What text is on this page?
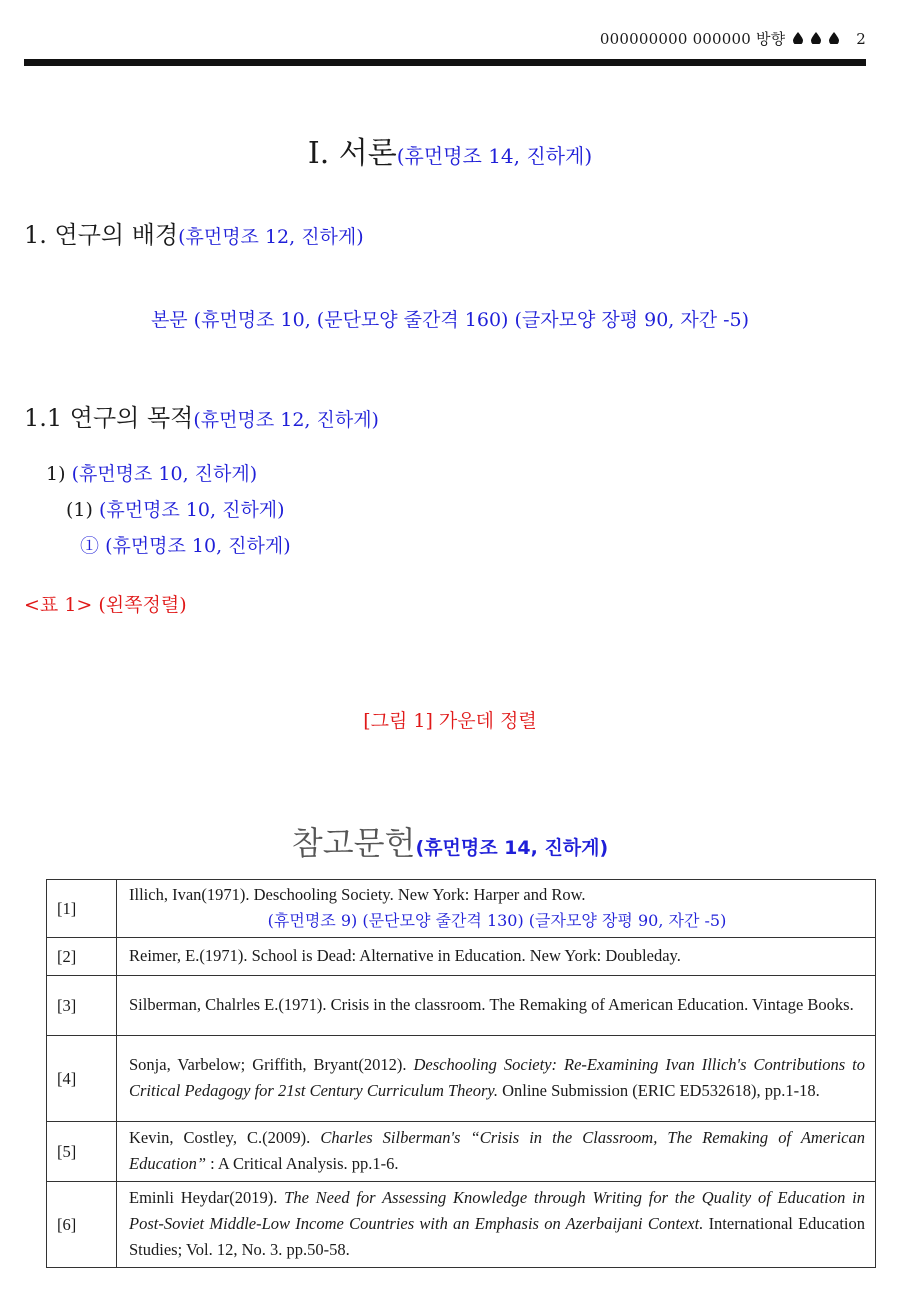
000000000 000000 방향	2
Ⅰ. 서론(휴먼명조 14, 진하게)
1. 연구의 배경(휴먼명조 12, 진하게)
본문 (휴먼명조 10, (문단모양 줄간격 160) (글자모양 장평 90, 자간 -5)
1.1 연구의 목적(휴먼명조 12, 진하게)
1) (휴먼명조 10, 진하게)
(1) (휴먼명조 10, 진하게)
① (휴먼명조 10, 진하게)
<표 1> (왼쪽정렬)
[그림 1] 가운데 정렬
참고문헌(휴먼명조 14, 진하게)
[1]	Illich, Ivan(1971). Deschooling Society. New York: Harper and Row.
(휴먼명조 9) (문단모양 줄간격 130) (글자모양 장평 90, 자간 -5)

[2]	Reimer, E.(1971). School is Dead: Alternative in Education. New York: Doubleday.
[3]	Silberman, Chalrles E.(1971). Crisis in the classroom. The Remaking of American Education. Vintage Books.
[4]	Sonja, Varbelow; Griffith, Bryant(2012). Deschooling Society: Re-Examining Ivan Illich's Contributions to Critical Pedagogy for 21st Century Curriculum Theory. Online Submission (ERIC ED532618), pp.1-18.
[5]	Kevin, Costley, C.(2009). Charles Silberman's “Crisis in the Classroom, The Remaking of American Education” : A Critical Analysis. pp.1-6.
[6]	Eminli Heydar(2019). The Need for Assessing Knowledge through Writing for the Quality of Education in Post-Soviet Middle-Low Income Countries with an Emphasis on Azerbaijani Context. International Education Studies; Vol. 12, No. 3. pp.50-58.
